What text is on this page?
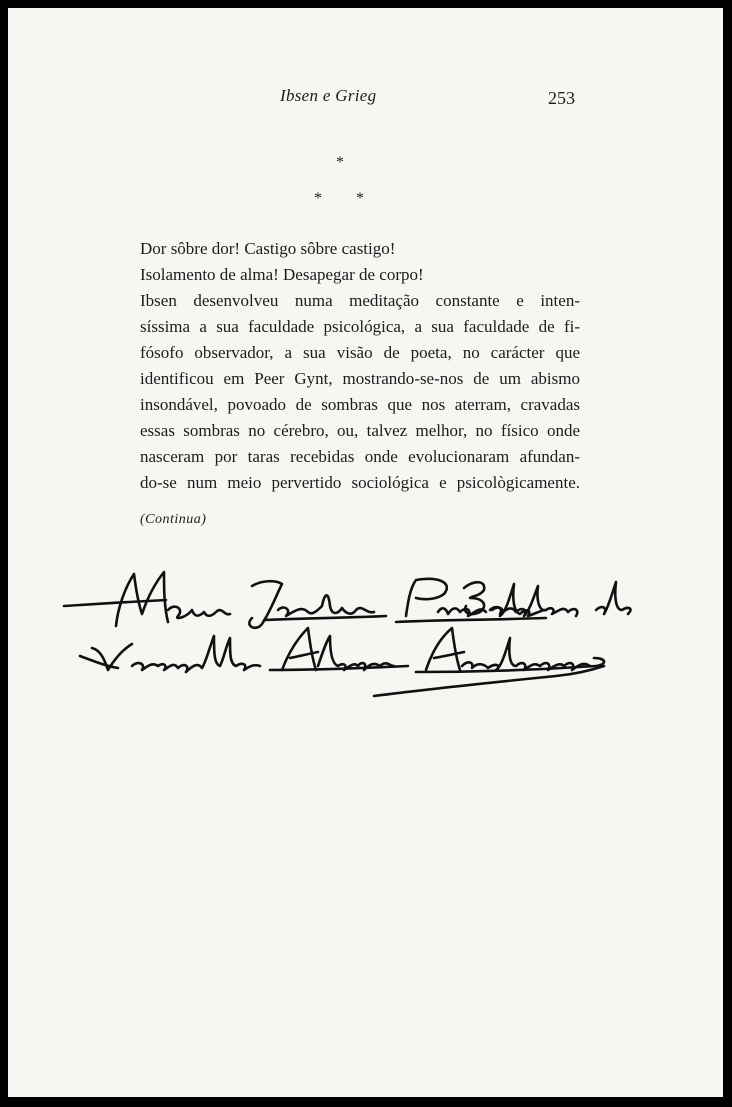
Ibsen e Grieg	253
*
* *
Dor sôbre dor! Castigo sôbre castigo!
Isolamento de alma! Desapegar de corpo!
Ibsen desenvolveu numa meditação constante e inten-
síssima a sua faculdade psicológica, a sua faculdade de fi-
fósofo observador, a sua visão de poeta, no carácter que
identificou em Peer Gynt, mostrando-se-nos de um abismo
insondável, povoado de sombras que nos aterram, cravadas
essas sombras no cérebro, ou, talvez melhor, no físico onde
nasceram por taras recebidas onde evolucionaram afundan-
do-se num meio pervertido sociológica e psicològicamente.
(Continua)
